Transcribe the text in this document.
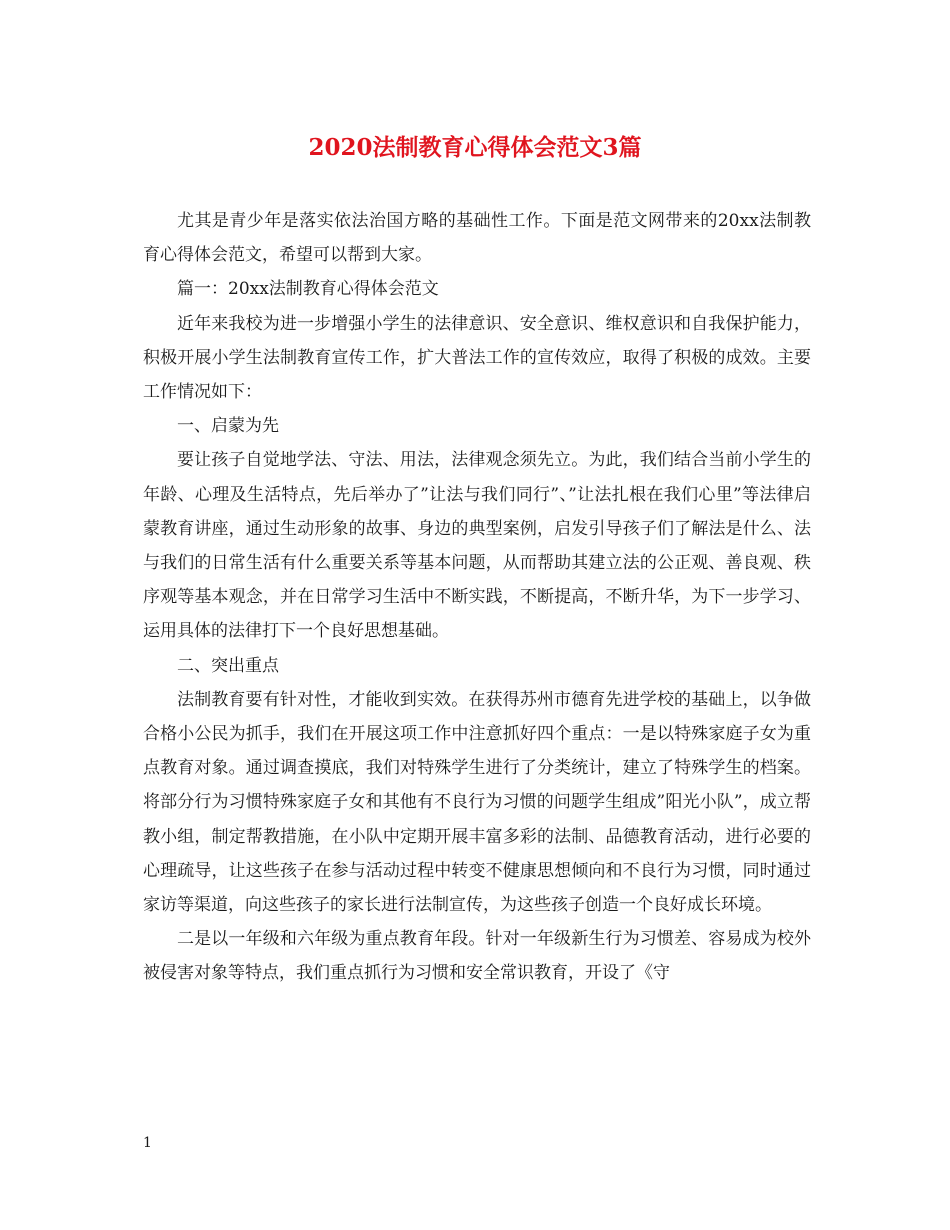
2020法制教育心得体会范文3篇

尤其是青少年是落实依法治国方略的基础性工作。下面是范文网带来的20xx法制教育心得体会范文，希望可以帮到大家。

篇一：20xx法制教育心得体会范文

近年来我校为进一步增强小学生的法律意识、安全意识、维权意识和自我保护能力，积极开展小学生法制教育宣传工作，扩大普法工作的宣传效应，取得了积极的成效。主要工作情况如下：

一、启蒙为先

要让孩子自觉地学法、守法、用法，法律观念须先立。为此，我们结合当前小学生的年龄、心理及生活特点，先后举办了”让法与我们同行”、”让法扎根在我们心里”等法律启蒙教育讲座，通过生动形象的故事、身边的典型案例，启发引导孩子们了解法是什么、法与我们的日常生活有什么重要关系等基本问题，从而帮助其建立法的公正观、善良观、秩序观等基本观念，并在日常学习生活中不断实践，不断提高，不断升华，为下一步学习、运用具体的法律打下一个良好思想基础。

二、突出重点

法制教育要有针对性，才能收到实效。在获得苏州市德育先进学校的基础上，以争做合格小公民为抓手，我们在开展这项工作中注意抓好四个重点：一是以特殊家庭子女为重点教育对象。通过调查摸底，我们对特殊学生进行了分类统计，建立了特殊学生的档案。将部分行为习惯特殊家庭子女和其他有不良行为习惯的问题学生组成”阳光小队”，成立帮教小组，制定帮教措施，在小队中定期开展丰富多彩的法制、品德教育活动，进行必要的心理疏导，让这些孩子在参与活动过程中转变不健康思想倾向和不良行为习惯，同时通过家访等渠道，向这些孩子的家长进行法制宣传，为这些孩子创造一个良好成长环境。

二是以一年级和六年级为重点教育年段。针对一年级新生行为习惯差、容易成为校外被侵害对象等特点，我们重点抓行为习惯和安全常识教育，开设了《守

1
